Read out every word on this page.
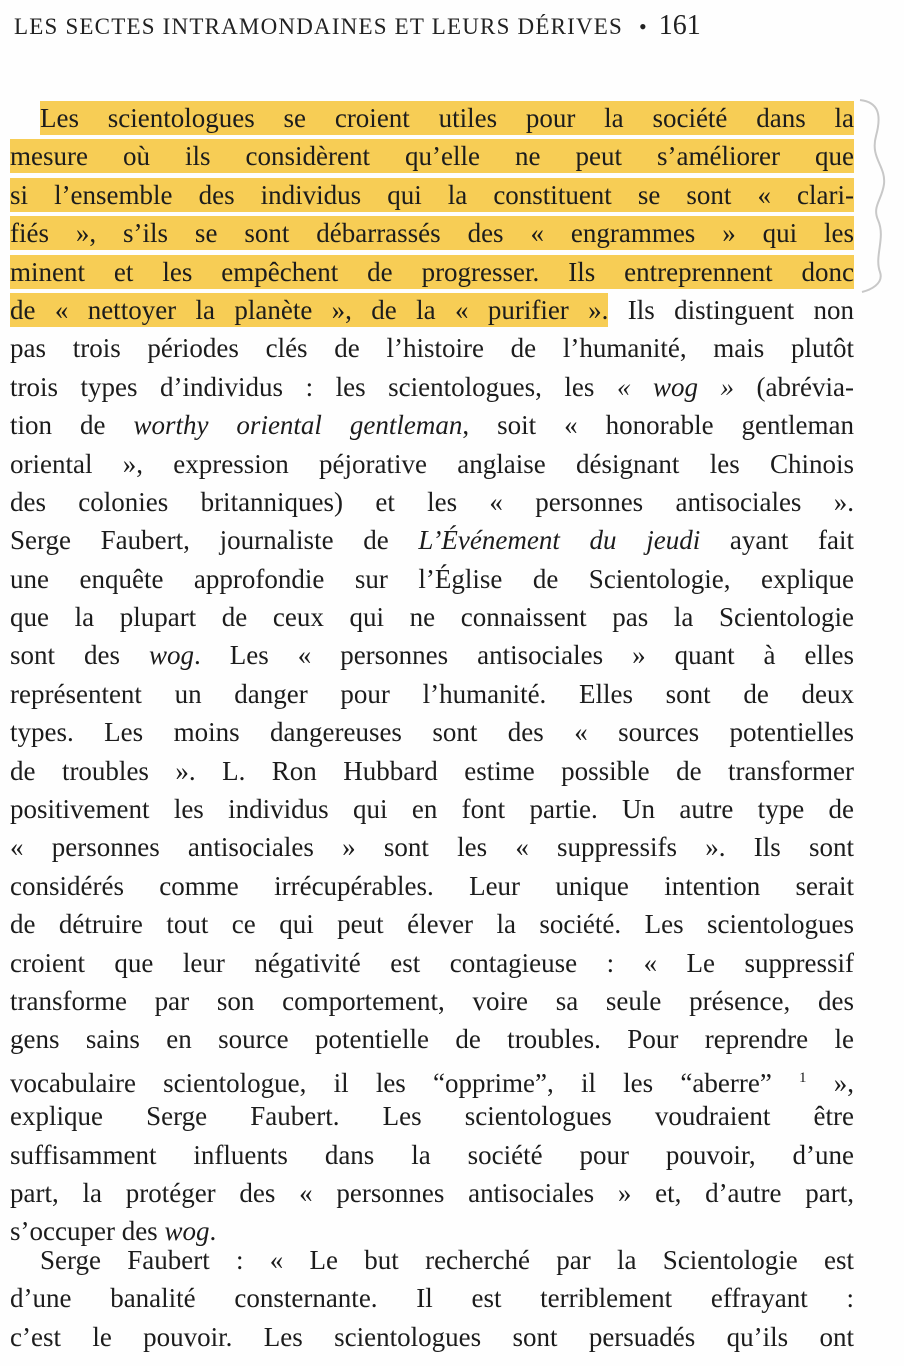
LES SECTES INTRAMONDAINES ET LEURS DÉRIVES • 161
Les scientologues se croient utiles pour la société dans la
mesure où ils considèrent qu’elle ne peut s’améliorer que
si l’ensemble des individus qui la constituent se sont « clari-
fiés », s’ils se sont débarrassés des « engrammes » qui les
minent et les empêchent de progresser. Ils entreprennent donc
de « nettoyer la planète », de la « purifier ». Ils distinguent non
pas trois périodes clés de l’histoire de l’humanité, mais plutôt
trois types d’individus : les scientologues, les « wog » (abrévia-
tion de worthy oriental gentleman, soit « honorable gentleman
oriental », expression péjorative anglaise désignant les Chinois
des colonies britanniques) et les « personnes antisociales ».
Serge Faubert, journaliste de L’Événement du jeudi ayant fait
une enquête approfondie sur l’Église de Scientologie, explique
que la plupart de ceux qui ne connaissent pas la Scientologie
sont des wog. Les « personnes antisociales » quant à elles
représentent un danger pour l’humanité. Elles sont de deux
types. Les moins dangereuses sont des « sources potentielles
de troubles ». L. Ron Hubbard estime possible de transformer
positivement les individus qui en font partie. Un autre type de
« personnes antisociales » sont les « suppressifs ». Ils sont
considérés comme irrécupérables. Leur unique intention serait
de détruire tout ce qui peut élever la société. Les scientologues
croient que leur négativité est contagieuse : « Le suppressif
transforme par son comportement, voire sa seule présence, des
gens sains en source potentielle de troubles. Pour reprendre le
vocabulaire scientologue, il les “opprime”, il les “aberre” $^1$ »,
explique Serge Faubert. Les scientologues voudraient être
suffisamment influents dans la société pour pouvoir, d’une
part, la protéger des « personnes antisociales » et, d’autre part,
s’occuper des wog.
Serge Faubert : « Le but recherché par la Scientologie est
d’une banalité consternante. Il est terriblement effrayant :
c’est le pouvoir. Les scientologues sont persuadés qu’ils ont
